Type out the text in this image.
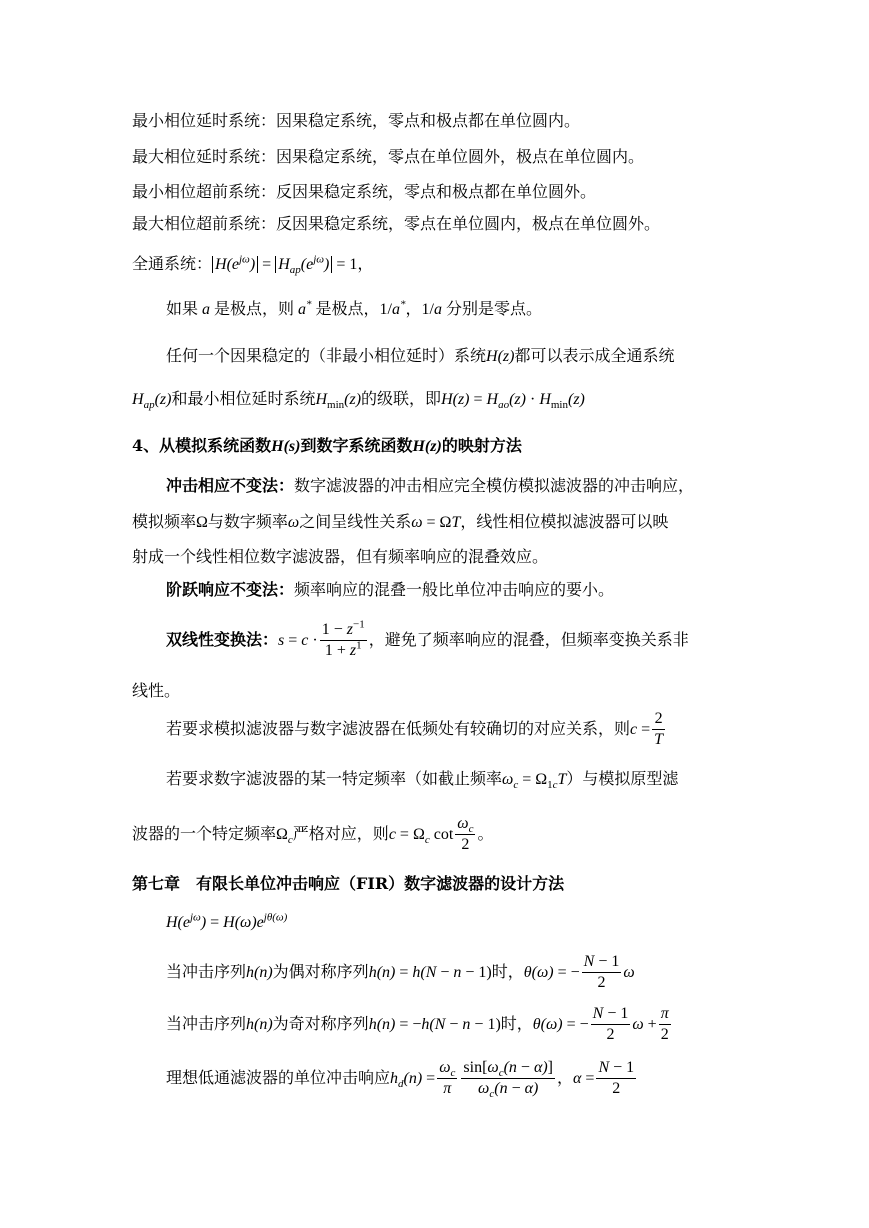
最小相位延时系统：因果稳定系统，零点和极点都在单位圆内。
最大相位延时系统：因果稳定系统，零点在单位圆外，极点在单位圆内。
最小相位超前系统：反因果稳定系统，零点和极点都在单位圆外。
最大相位超前系统：反因果稳定系统，零点在单位圆内，极点在单位圆外。
全通系统： $H(e^{j\omega}) = H_{ap}(e^{j\omega}) = 1$，
如果 a 是极点，则 a* 是极点，1/a*，1/a 分别是零点。
任何一个因果稳定的（非最小相位延时）系统H(z)都可以表示成全通系统
$H_{ap}(z)$和最小相位延时系统$H_{min}(z)$的级联，即$H(z) = H_{ao}(z) \cdot H_{min}(z)$
4、从模拟系统函数H(s)到数字系统函数H(z)的映射方法
冲击相应不变法：数字滤波器的冲击相应完全模仿模拟滤波器的冲击响应，
模拟频率Ω与数字频率ω之间呈线性关系ω = ΩT，线性相位模拟滤波器可以映
射成一个线性相位数字滤波器，但有频率响应的混叠效应。
阶跃响应不变法：频率响应的混叠一般比单位冲击响应的要小。
双线性变换法：$s = c \cdot \frac{1 - z^{-1}}{1 + z^1}$ ，避免了频率响应的混叠，但频率变换关系非
线性。
若要求模拟滤波器与数字滤波器在低频处有较确切的对应关系，则$c = \frac{2}{T}$
若要求数字滤波器的某一特定频率（如截止频率$\omega_c = \Omega_{1c}T$）与模拟原型滤
波器的一个特定频率$\Omega_c$严格对应，则$c = \Omega_c$ $\cot \frac{\omega_c}{2}$ 。
第七章　有限长单位冲击响应（FIR）数字滤波器的设计方法
$H(e^{j\omega}) = H(\omega)e^{j\theta(\omega)}$
当冲击序列h(n)为偶对称序列h(n) = h(N − n − 1)时，θ(ω) = − $\frac{N - 1}{2}$ ω
当冲击序列h(n)为奇对称序列h(n) = −h(N − n − 1)时，θ(ω) = − $\frac{N - 1}{2}$ $\omega + \frac{\pi}{2}$
理想低通滤波器的单位冲击响应$h_d(n) = \frac{\omega_c}{\pi} \frac{\sin[\omega_c(n - \alpha)]}{\omega_c(n - \alpha)}$ ，$\alpha = \frac{N - 1}{2}$
